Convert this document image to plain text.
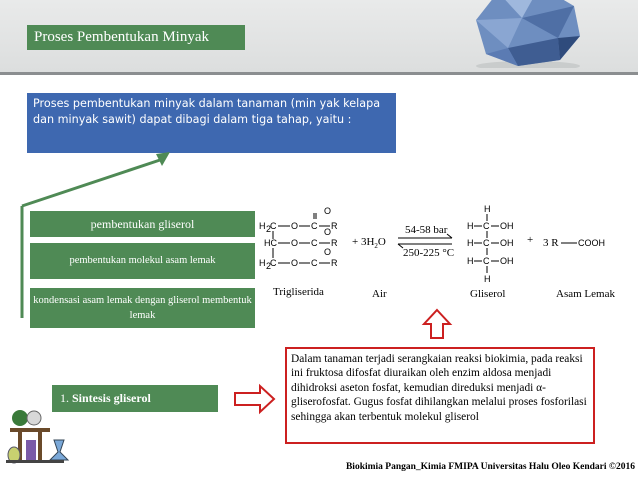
Proses Pembentukan Minyak
Proses pembentukan minyak dalam tanaman (min yak kelapa dan minyak sawit) dapat dibagi dalam tiga tahap, yaitu :
pembentukan gliserol
pembentukan molekul asam lemak
kondensasi asam lemak dengan gliserol membentuk lemak
H 2
C O C R
O
HC O C R
O
H 2
C O C R
O
+ $3H_2O$
54-58 bar
250-225 °C
H
H C OH
H C OH
H C OH
H
+ 3 R COOH
Trigliserida	Air	Gliserol	Asam Lemak
1. Sintesis gliserol
Dalam tanaman terjadi serangkaian reaksi biokimia, pada reaksi ini fruktosa difosfat diuraikan oleh enzim aldosa menjadi dihidroksi aseton fosfat, kemudian direduksi menjadi α-gliserofosfat. Gugus fosfat dihilangkan melalui proses fosforilasi sehingga akan terbentuk molekul gliserol
Biokimia Pangan_Kimia FMIPA Universitas Halu Oleo Kendari ©2016
